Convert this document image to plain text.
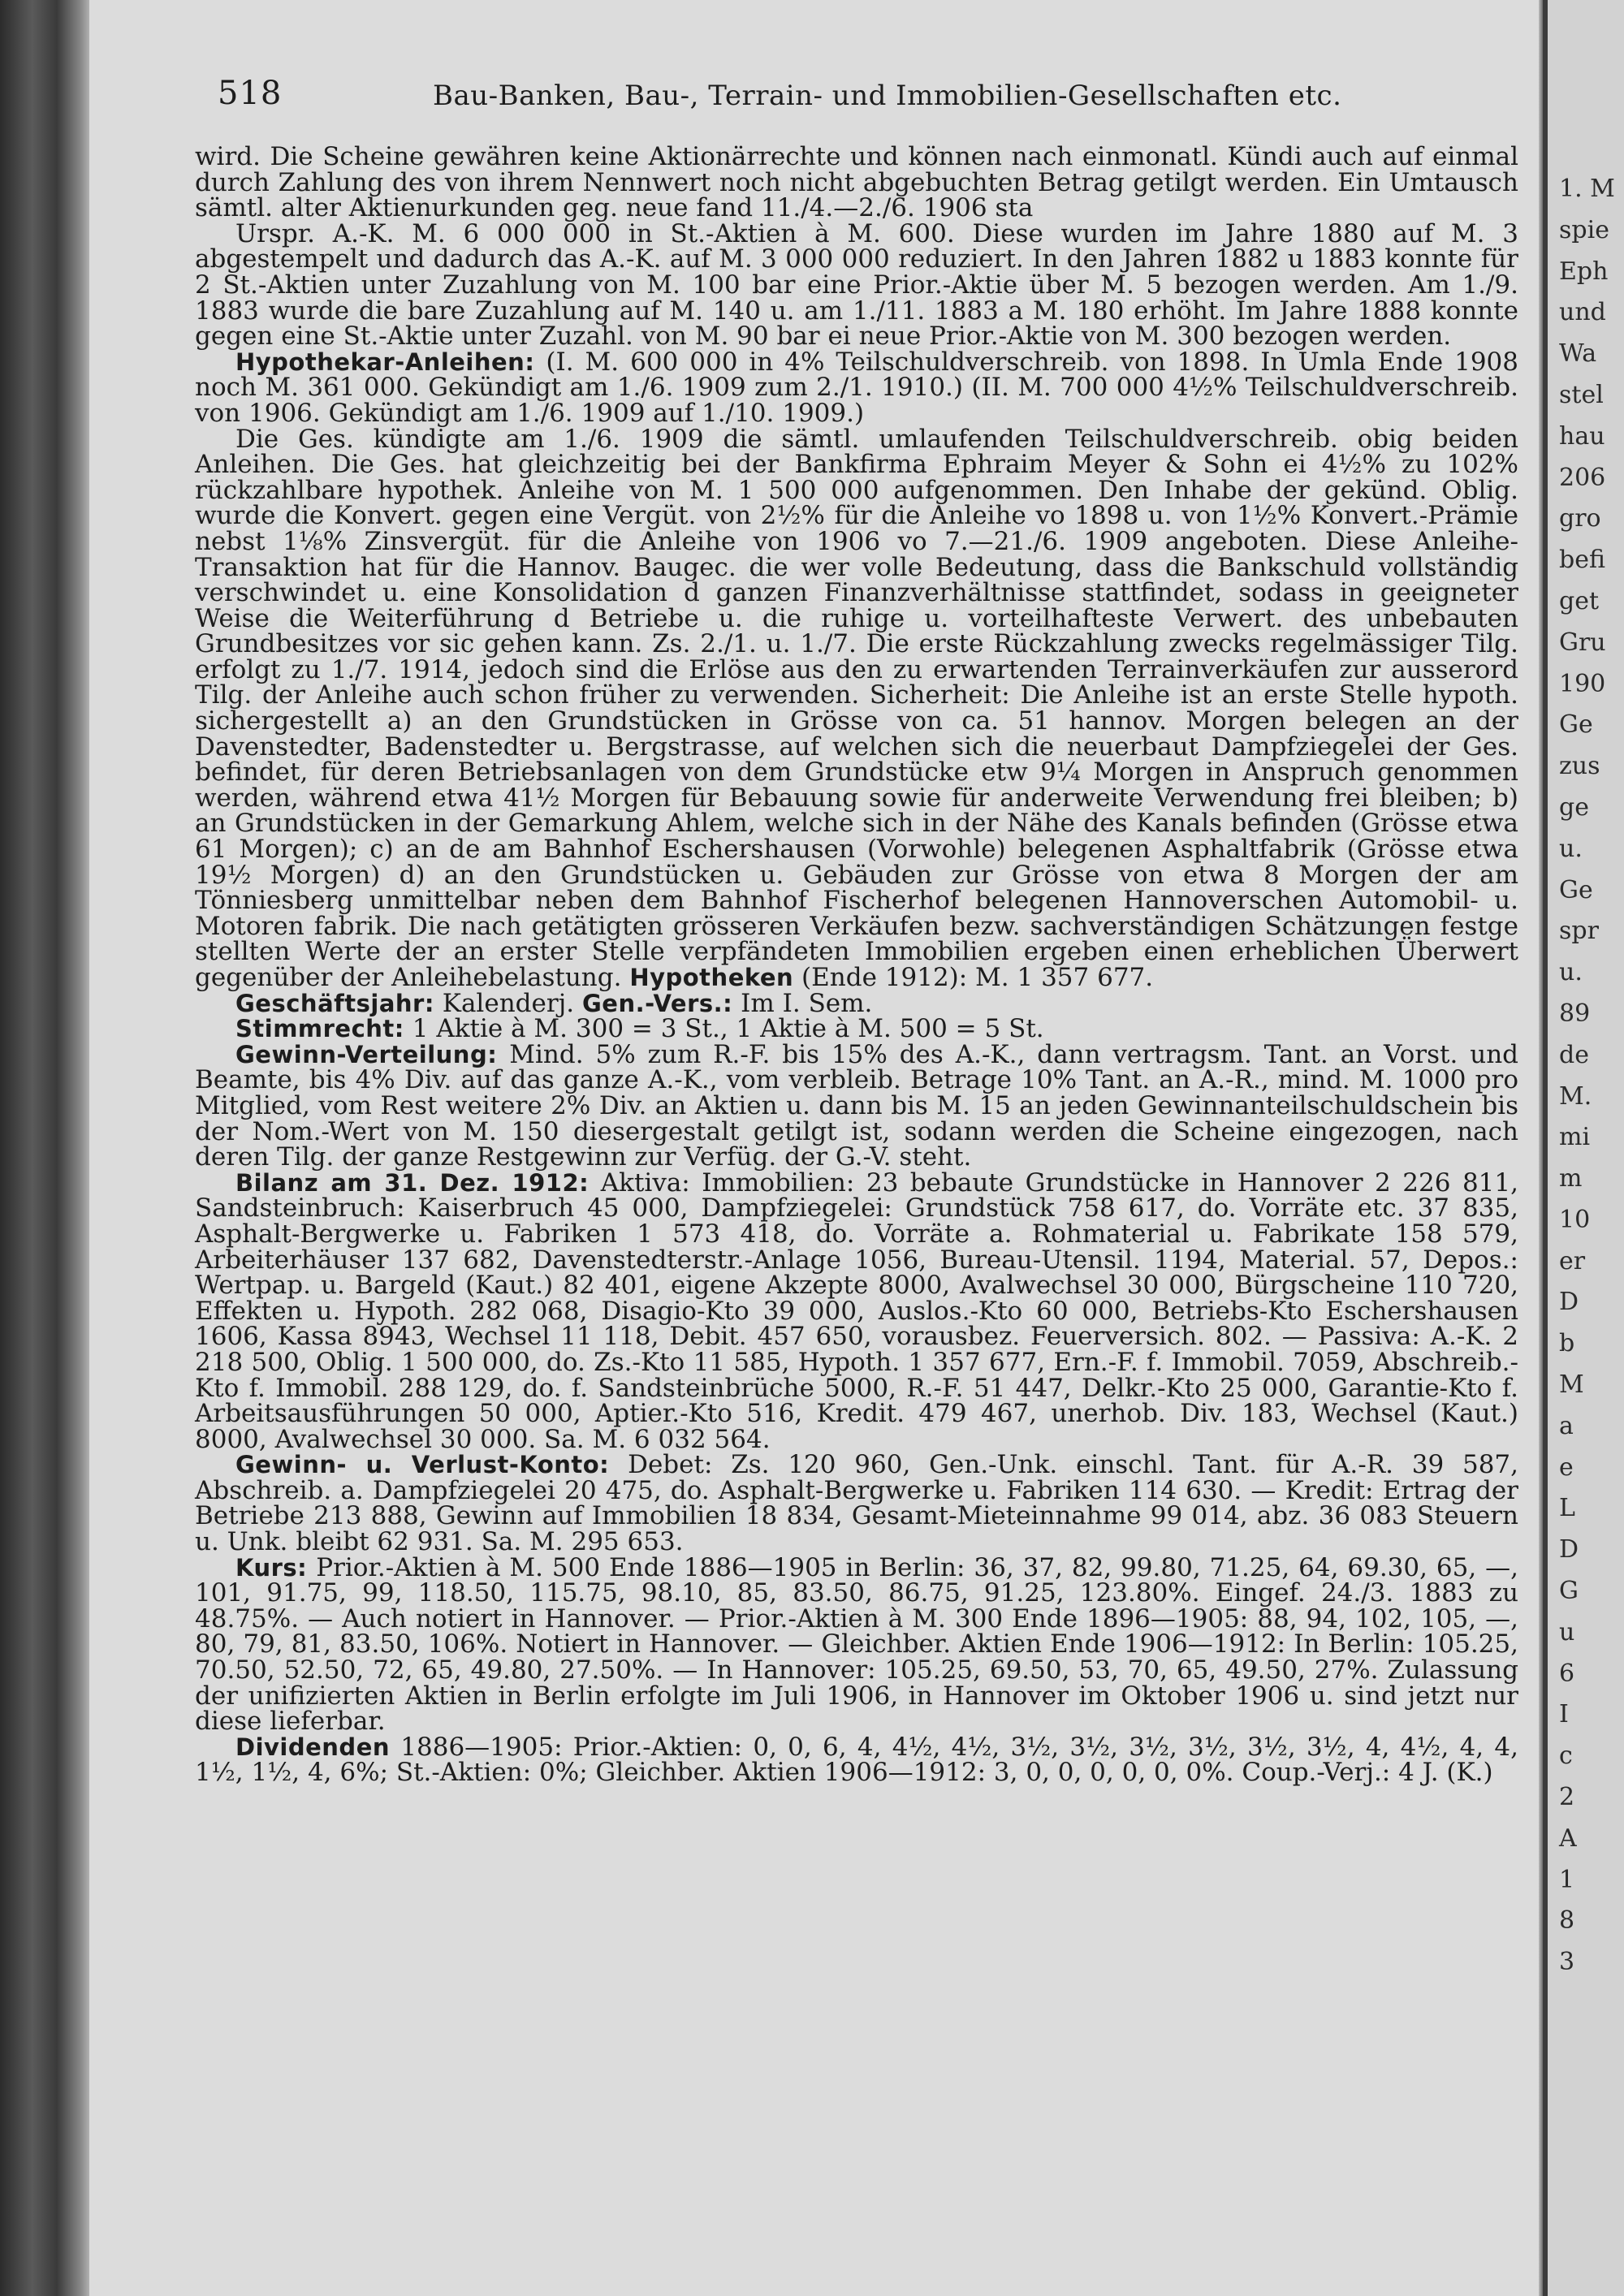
1. M
spie
Eph
und
Wa
stel
hau
206
gro
befi
get
Gru
190
Ge
zus
ge
u.
Ge
spr
u.
89
de
M.
mi
m
10
er
D
b
M
a
e
L
D
G
u
6
I
c
2
A
1
8
3
518	Bau-Banken, Bau-, Terrain- und Immobilien-Gesellschaften etc.

wird. Die Scheine gewähren keine Aktionärrechte und können nach einmonatl. Kündi auch auf einmal durch Zahlung des von ihrem Nennwert noch nicht abgebuchten Betrag getilgt werden. Ein Umtausch sämtl. alter Aktienurkunden geg. neue fand 11./4.—2./6. 1906 sta

Urspr. A.-K. M. 6 000 000 in St.-Aktien à M. 600. Diese wurden im Jahre 1880 auf M. 3 abgestempelt und dadurch das A.-K. auf M. 3 000 000 reduziert. In den Jahren 1882 u 1883 konnte für 2 St.-Aktien unter Zuzahlung von M. 100 bar eine Prior.-Aktie über M. 5 bezogen werden. Am 1./9. 1883 wurde die bare Zuzahlung auf M. 140 u. am 1./11. 1883 a M. 180 erhöht. Im Jahre 1888 konnte gegen eine St.-Aktie unter Zuzahl. von M. 90 bar ei neue Prior.-Aktie von M. 300 bezogen werden.

Hypothekar-Anleihen: (I. M. 600 000 in 4% Teilschuldverschreib. von 1898. In Umla Ende 1908 noch M. 361 000. Gekündigt am 1./6. 1909 zum 2./1. 1910.) (II. M. 700 000 4½% Teilschuldverschreib. von 1906. Gekündigt am 1./6. 1909 auf 1./10. 1909.)

Die Ges. kündigte am 1./6. 1909 die sämtl. umlaufenden Teilschuldverschreib. obig beiden Anleihen. Die Ges. hat gleichzeitig bei der Bankfirma Ephraim Meyer & Sohn ei 4½% zu 102% rückzahlbare hypothek. Anleihe von M. 1 500 000 aufgenommen. Den Inhabe der gekünd. Oblig. wurde die Konvert. gegen eine Vergüt. von 2½% für die Anleihe vo 1898 u. von 1½% Konvert.-Prämie nebst 1⅛% Zinsvergüt. für die Anleihe von 1906 vo 7.—21./6. 1909 angeboten. Diese Anleihe-Transaktion hat für die Hannov. Baugес. die wer volle Bedeutung, dass die Bankschuld vollständig verschwindet u. eine Konsolidation d ganzen Finanzverhältnisse stattfindet, sodass in geeigneter Weise die Weiterführung d Betriebe u. die ruhige u. vorteilhafteste Verwert. des unbebauten Grundbesitzes vor sic gehen kann. Zs. 2./1. u. 1./7. Die erste Rückzahlung zwecks regelmässiger Tilg. erfolgt zu 1./7. 1914, jedoch sind die Erlöse aus den zu erwartenden Terrainverkäufen zur ausserord Tilg. der Anleihe auch schon früher zu verwenden. Sicherheit: Die Anleihe ist an erste Stelle hypoth. sichergestellt a) an den Grundstücken in Grösse von ca. 51 hannov. Morgen belegen an der Davenstedter, Badenstedter u. Bergstrasse, auf welchen sich die neuerbaut Dampfziegelei der Ges. befindet, für deren Betriebsanlagen von dem Grundstücke etw 9¼ Morgen in Anspruch genommen werden, während etwa 41½ Morgen für Bebauung sowie für anderweite Verwendung frei bleiben; b) an Grundstücken in der Gemarkung Ahlem, welche sich in der Nähe des Kanals befinden (Grösse etwa 61 Morgen); c) an de am Bahnhof Eschershausen (Vorwohle) belegenen Asphaltfabrik (Grösse etwa 19½ Morgen) d) an den Grundstücken u. Gebäuden zur Grösse von etwa 8 Morgen der am Tönniesberg unmittelbar neben dem Bahnhof Fischerhof belegenen Hannoverschen Automobil- u. Motoren fabrik. Die nach getätigten grösseren Verkäufen bezw. sachverständigen Schätzungen festge stellten Werte der an erster Stelle verpfändeten Immobilien ergeben einen erheblichen Überwert gegenüber der Anleihebelastung. Hypotheken (Ende 1912): M. 1 357 677.

Geschäftsjahr: Kalenderj. Gen.-Vers.: Im I. Sem.

Stimmrecht: 1 Aktie à M. 300 = 3 St., 1 Aktie à M. 500 = 5 St.

Gewinn-Verteilung: Mind. 5% zum R.-F. bis 15% des A.-K., dann vertragsm. Tant. an Vorst. und Beamte, bis 4% Div. auf das ganze A.-K., vom verbleib. Betrage 10% Tant. an A.-R., mind. M. 1000 pro Mitglied, vom Rest weitere 2% Div. an Aktien u. dann bis M. 15 an jeden Gewinnanteilschuldschein bis der Nom.-Wert von M. 150 diesergestalt getilgt ist, sodann werden die Scheine eingezogen, nach deren Tilg. der ganze Restgewinn zur Verfüg. der G.-V. steht.

Bilanz am 31. Dez. 1912: Aktiva: Immobilien: 23 bebaute Grundstücke in Hannover 2 226 811, Sandsteinbruch: Kaiserbruch 45 000, Dampfziegelei: Grundstück 758 617, do. Vorräte etc. 37 835, Asphalt-Bergwerke u. Fabriken 1 573 418, do. Vorräte a. Rohmaterial u. Fabrikate 158 579, Arbeiterhäuser 137 682, Davenstedterstr.-Anlage 1056, Bureau-Utensil. 1194, Material. 57, Depos.: Wertpap. u. Bargeld (Kaut.) 82 401, eigene Akzepte 8000, Avalwechsel 30 000, Bürgscheine 110 720, Effekten u. Hypoth. 282 068, Disagio-Kto 39 000, Auslos.-Kto 60 000, Betriebs-Kto Eschershausen 1606, Kassa 8943, Wechsel 11 118, Debit. 457 650, vorausbez. Feuerversich. 802. — Passiva: A.-K. 2 218 500, Oblig. 1 500 000, do. Zs.-Kto 11 585, Hypoth. 1 357 677, Ern.-F. f. Immobil. 7059, Abschreib.-Kto f. Immobil. 288 129, do. f. Sandsteinbrüche 5000, R.-F. 51 447, Delkr.-Kto 25 000, Garantie-Kto f. Arbeitsausführungen 50 000, Aptier.-Kto 516, Kredit. 479 467, unerhob. Div. 183, Wechsel (Kaut.) 8000, Avalwechsel 30 000. Sa. M. 6 032 564.

Gewinn- u. Verlust-Konto: Debet: Zs. 120 960, Gen.-Unk. einschl. Tant. für A.-R. 39 587, Abschreib. a. Dampfziegelei 20 475, do. Asphalt-Bergwerke u. Fabriken 114 630. — Kredit: Ertrag der Betriebe 213 888, Gewinn auf Immobilien 18 834, Gesamt-Mieteinnahme 99 014, abz. 36 083 Steuern u. Unk. bleibt 62 931. Sa. M. 295 653.

Kurs: Prior.-Aktien à M. 500 Ende 1886—1905 in Berlin: 36, 37, 82, 99.80, 71.25, 64, 69.30, 65, —, 101, 91.75, 99, 118.50, 115.75, 98.10, 85, 83.50, 86.75, 91.25, 123.80%. Eingef. 24./3. 1883 zu 48.75%. — Auch notiert in Hannover. — Prior.-Aktien à M. 300 Ende 1896—1905: 88, 94, 102, 105, —, 80, 79, 81, 83.50, 106%. Notiert in Hannover. — Gleichber. Aktien Ende 1906—1912: In Berlin: 105.25, 70.50, 52.50, 72, 65, 49.80, 27.50%. — In Hannover: 105.25, 69.50, 53, 70, 65, 49.50, 27%. Zulassung der unifizierten Aktien in Berlin erfolgte im Juli 1906, in Hannover im Oktober 1906 u. sind jetzt nur diese lieferbar.

Dividenden 1886—1905: Prior.-Aktien: 0, 0, 6, 4, 4½, 4½, 3½, 3½, 3½, 3½, 3½, 3½, 4, 4½, 4, 4, 1½, 1½, 4, 6%; St.-Aktien: 0%; Gleichber. Aktien 1906—1912: 3, 0, 0, 0, 0, 0, 0%. Coup.-Verj.: 4 J. (K.)
